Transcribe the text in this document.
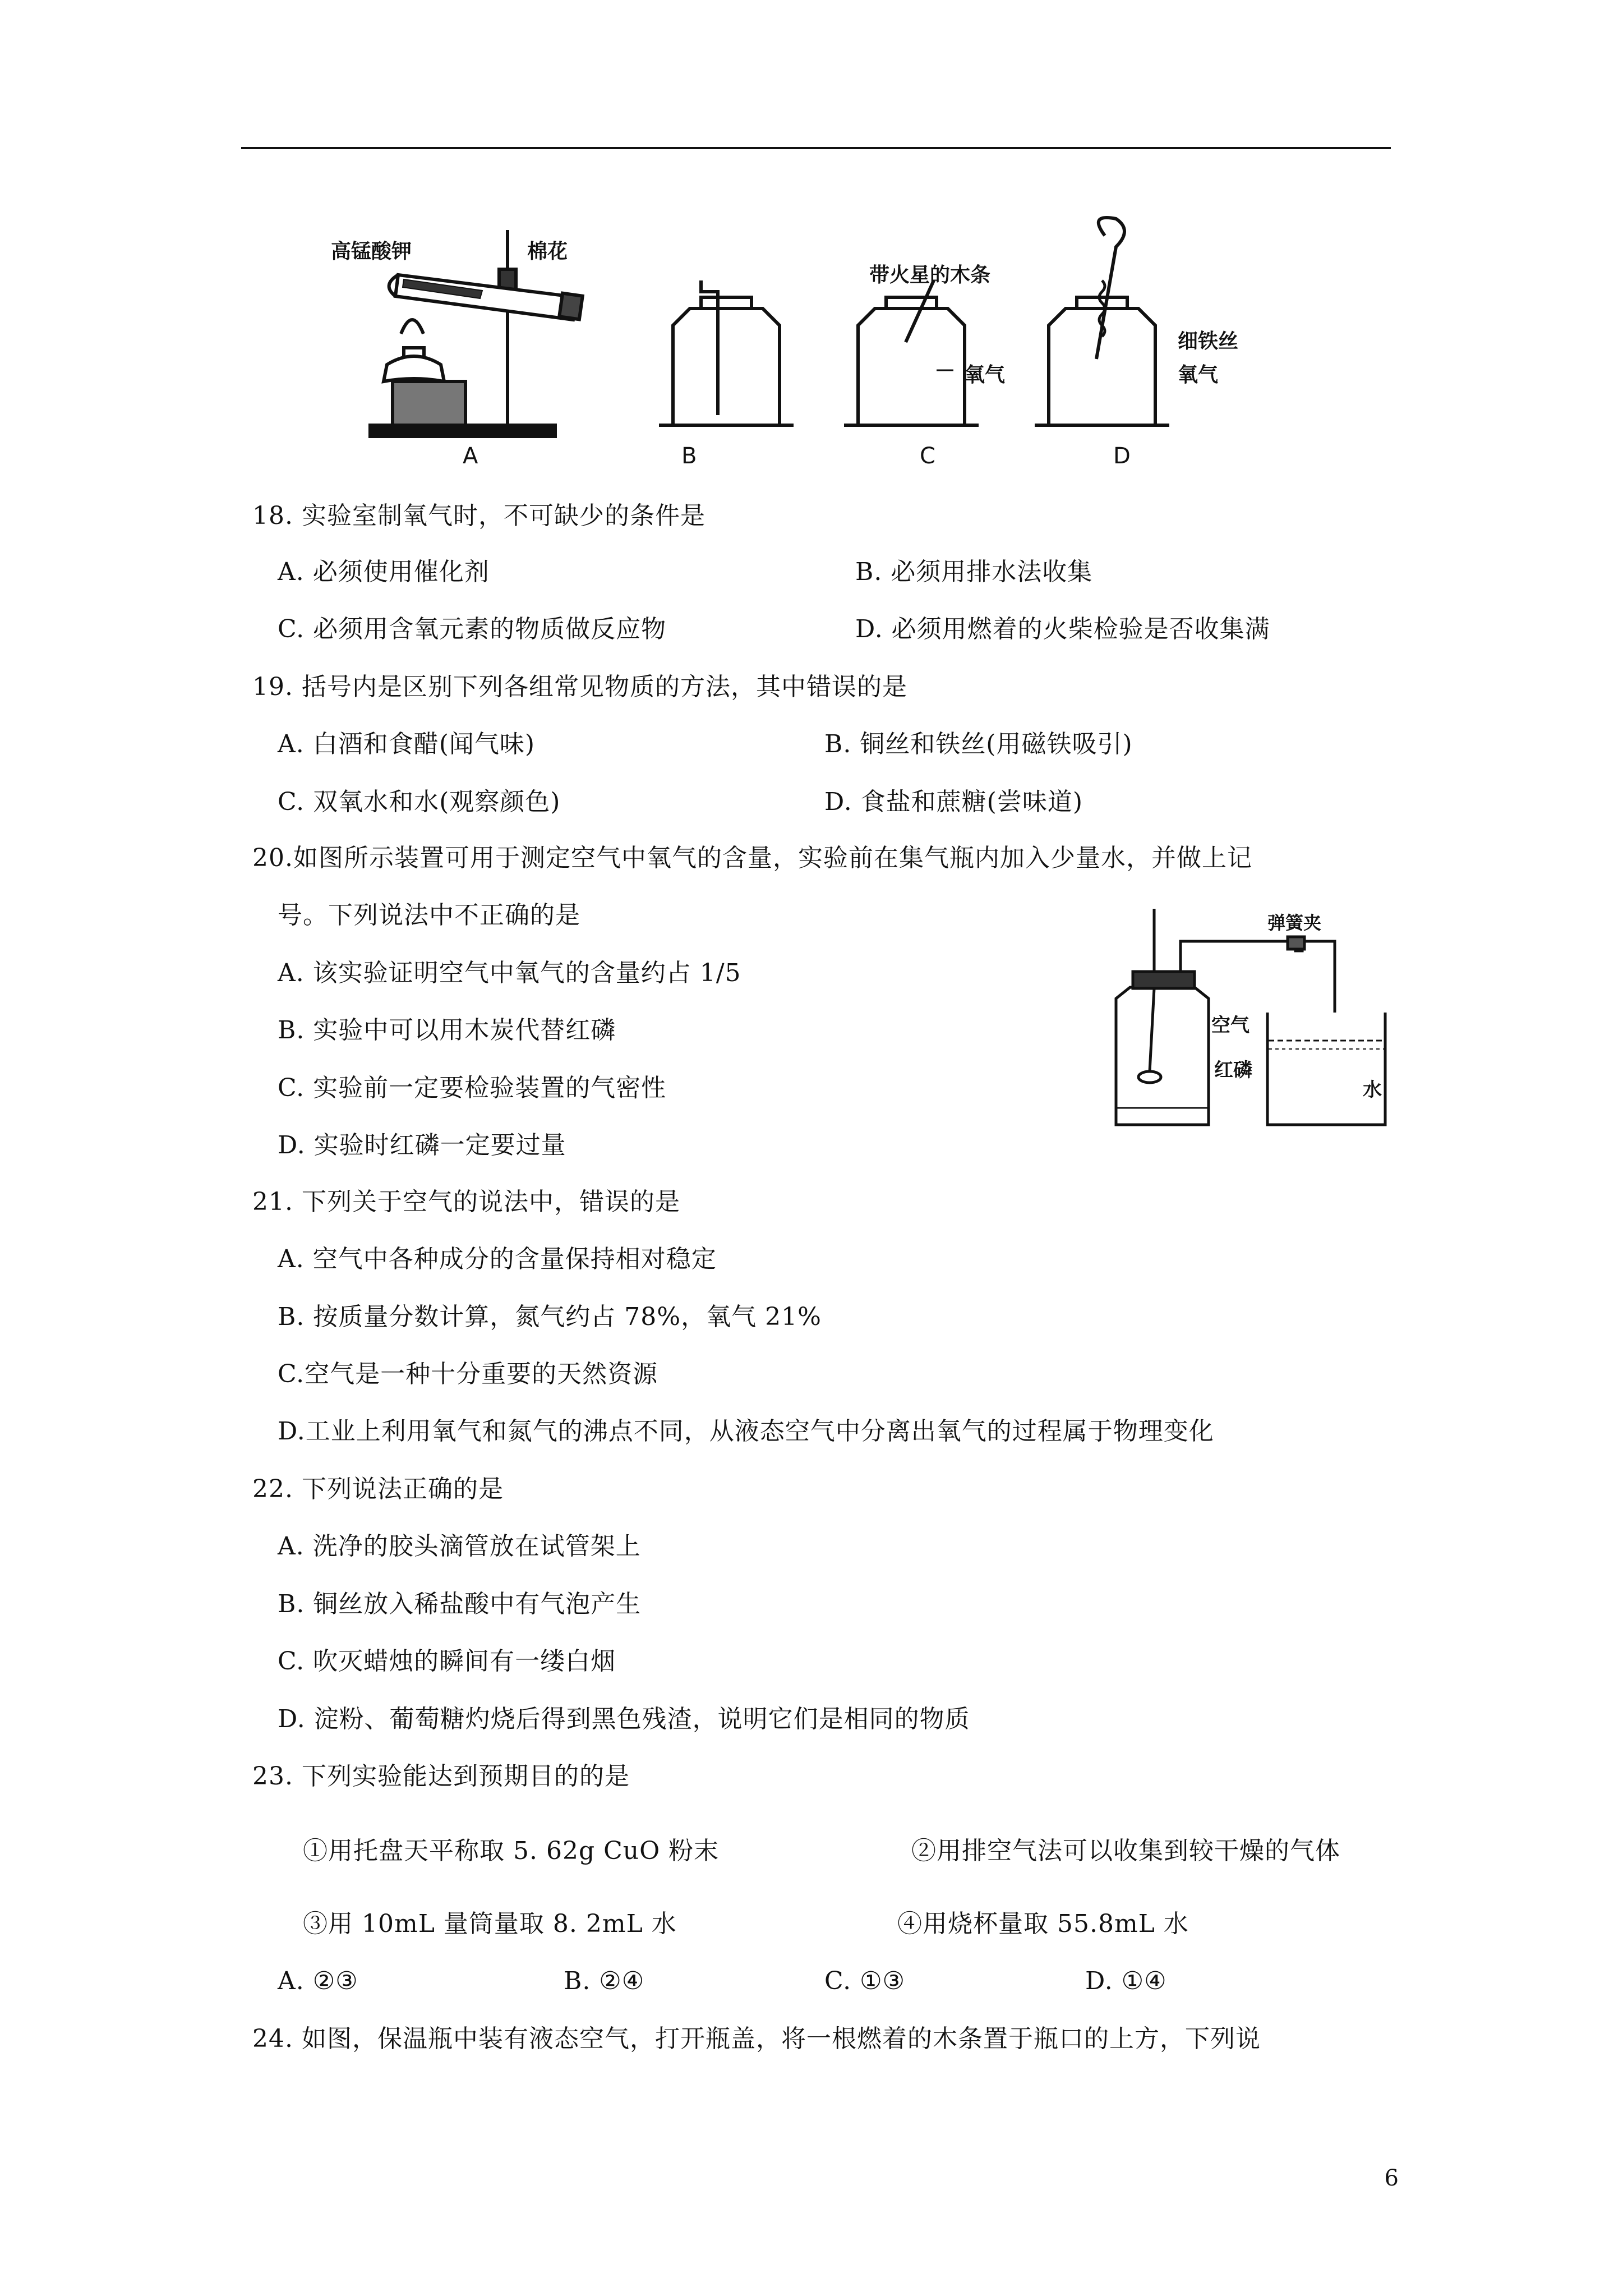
高锰酸钾	棉花
A	B
带火星的木条
氧气
C
细铁丝
氧气
D
18. 实验室制氧气时，不可缺少的条件是
A. 必须使用催化剂	B. 必须用排水法收集
C. 必须用含氧元素的物质做反应物	D. 必须用燃着的火柴检验是否收集满
19. 括号内是区别下列各组常见物质的方法，其中错误的是
A. 白酒和食醋(闻气味)	B. 铜丝和铁丝(用磁铁吸引)
C. 双氧水和水(观察颜色)	D. 食盐和蔗糖(尝味道)
20.如图所示装置可用于测定空气中氧气的含量，实验前在集气瓶内加入少量水，并做上记
号。下列说法中不正确的是
A. 该实验证明空气中氧气的含量约占 1/5
B. 实验中可以用木炭代替红磷
C. 实验前一定要检验装置的气密性
D. 实验时红磷一定要过量
弹簧夹
空气
红磷
水
21. 下列关于空气的说法中，错误的是
A. 空气中各种成分的含量保持相对稳定
B. 按质量分数计算，氮气约占 78%，氧气 21%
C.空气是一种十分重要的天然资源
D.工业上利用氧气和氮气的沸点不同，从液态空气中分离出氧气的过程属于物理变化
22. 下列说法正确的是
A. 洗净的胶头滴管放在试管架上
B. 铜丝放入稀盐酸中有气泡产生
C. 吹灭蜡烛的瞬间有一缕白烟
D. 淀粉、葡萄糖灼烧后得到黑色残渣，说明它们是相同的物质
23. 下列实验能达到预期目的的是
①用托盘天平称取 5. 62g CuO 粉末	②用排空气法可以收集到较干燥的气体
③用 10mL 量筒量取 8. 2mL 水	④用烧杯量取 55.8mL 水
A. ②③	B. ②④	C. ①③	D. ①④
24. 如图，保温瓶中装有液态空气，打开瓶盖，将一根燃着的木条置于瓶口的上方，下列说
6
